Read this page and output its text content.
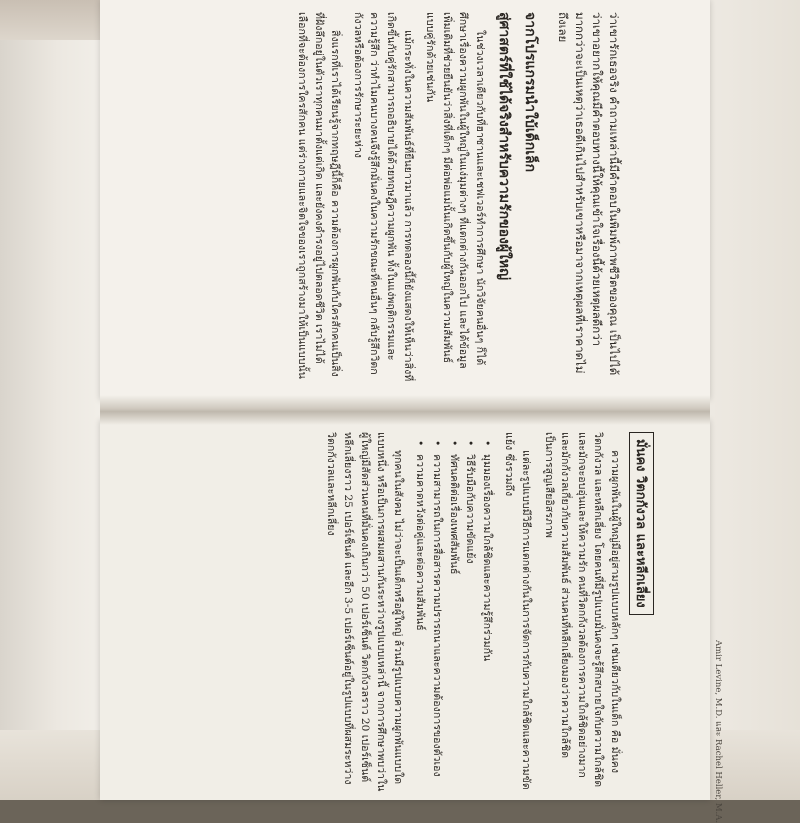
ว่าเขารักเธอจริง คำถามเหล่านี้มีคำตอบในพิมพ์ภาพชีวิตของคุณ เป็นไปได้ว่าเขาอยากให้คุณมีคำตอบทางนี้ให้คุณเข้าใจเรื่องนี้ด้วยเหตุผลดีกว่า มากกว่าจะเป็นเหตุว่าเธอดีเกินไปสำหรับเขาหรือมาจากเหตุผลที่เราคาดไม่ถึงเลย

จากโปรแกรมนำใบ้เด็กเล็ก
สู่ศาสตร์ที่ใช้ได้จริงสำหรับความรักของผู้ใหญ่

ในช่วงเวลาเดียวกับที่ฮาซานและเชฟเวอร์ทำการศึกษา นักวิจัยคนอื่นๆ ก็ได้ศึกษาเรื่องความผูกพันในผู้ใหญ่ในแง่มุมต่างๆ ที่แตกต่างกันออกไป และได้ข้อมูลเพิ่มเติมที่ช่วยยืนยันว่าสิ่งที่เด็กๆ มีต่อพ่อแม่นั้นเกิดขึ้นกับผู้ใหญ่ในความสัมพันธ์แบบคู่รักด้วยเช่นกัน

แม้กระทั่งในความสัมพันธ์ที่ยืนยาวมาแล้ว การทดลองนี้ก็ยังแสดงให้เห็นว่าสิ่งที่เกิดขึ้นกับคู่รักสามารถอธิบายได้ด้วยทฤษฎีความผูกพัน ทั้งในแง่พฤติกรรมและความรู้สึก ว่าทำไมคนบางคนจึงรู้สึกมั่นคงในความรักขณะที่คนอื่นๆ กลับรู้สึกวิตกกังวลหรือต้องการรักษาระยะห่าง

สิ่งแรกที่เราได้เรียนรู้จากทฤษฎีนี้ก็คือ ความต้องการผูกพันกับใครสักคนเป็นสิ่งที่ฝังลึกอยู่ในตัวเราทุกคนมาตั้งแต่เกิด และยังคงดำรงอยู่ไปตลอดชีวิต เราไม่ได้เลือกที่จะต้องการใครสักคน แต่ร่างกายและจิตใจของเราถูกสร้างมาให้เป็นแบบนั้น

มั่นคง วิตกกังวล และหลีกเลี่ยง

ความผูกพันในผู้ใหญ่มีอยู่สามรูปแบบหลักๆ เช่นเดียวกับในเด็ก คือ มั่นคง วิตกกังวล และหลีกเลี่ยง โดยคนที่มีรูปแบบมั่นคงจะรู้สึกสบายใจกับความใกล้ชิดและมักจะอบอุ่นและให้ความรัก คนที่วิตกกังวลต้องการความใกล้ชิดอย่างมากและมักกังวลเกี่ยวกับความสัมพันธ์ ส่วนคนที่หลีกเลี่ยงมองว่าความใกล้ชิดเป็นการสูญเสียอิสรภาพ

แต่ละรูปแบบมีวิธีการแตกต่างกันในการจัดการกับความใกล้ชิดและความขัดแย้ง ซึ่งรวมถึง

• มุมมองเรื่องความใกล้ชิดและความรู้สึกร่วมกัน
• วิธีรับมือกับความขัดแย้ง
• ทัศนคติต่อเรื่องเพศสัมพันธ์
• ความสามารถในการสื่อสารความปรารถนาและความต้องการของตัวเอง
• ความคาดหวังต่อคู่และต่อความสัมพันธ์

ทุกคนในสังคม ไม่ว่าจะเป็นเด็กหรือผู้ใหญ่ ล้วนมีรูปแบบความผูกพันแบบใดแบบหนึ่ง หรือเป็นการผสมผสานกันระหว่างรูปแบบเหล่านี้ จากการศึกษาพบว่าในผู้ใหญ่มีสัดส่วนคนที่มั่นคงเกินกว่า 50 เปอร์เซ็นต์ วิตกกังวลราว 20 เปอร์เซ็นต์ หลีกเลี่ยงราว 25 เปอร์เซ็นต์ และอีก 3-5 เปอร์เซ็นต์อยู่ในรูปแบบที่ผสมระหว่างวิตกกังวลและหลีกเลี่ยง

Amir Levine, M.D. และ Rachel Heller, M.A.
